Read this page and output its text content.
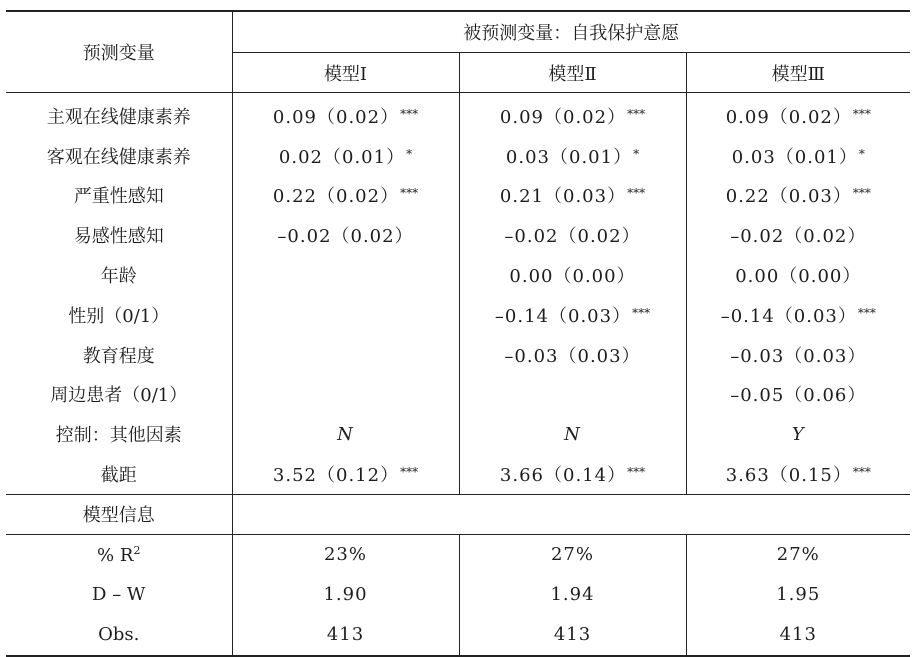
预测变量	被预测变量：自我保护意愿		
	模型Ⅰ	模型Ⅱ	模型Ⅲ
主观在线健康素养	0.09（0.02）***	0.09（0.02）***	0.09（0.02）***
客观在线健康素养	0.02（0.01）*	0.03（0.01）*	0.03（0.01）*
严重性感知	0.22（0.02）***	0.21（0.03）***	0.22（0.03）***
易感性感知	–0.02（0.02）	–0.02（0.02）	–0.02（0.02）
年龄		0.00（0.00）	0.00（0.00）
性别（0/1）		–0.14（0.03）***	–0.14（0.03）***
教育程度		–0.03（0.03）	–0.03（0.03）
周边患者（0/1）			–0.05（0.06）
控制：其他因素	N	N	Y
截距	3.52（0.12）***	3.66（0.14）***	3.63（0.15）***
模型信息			
% $R^2$	23%	27%	27%
D – W	1.90	1.94	1.95
Obs.	413	413	413
